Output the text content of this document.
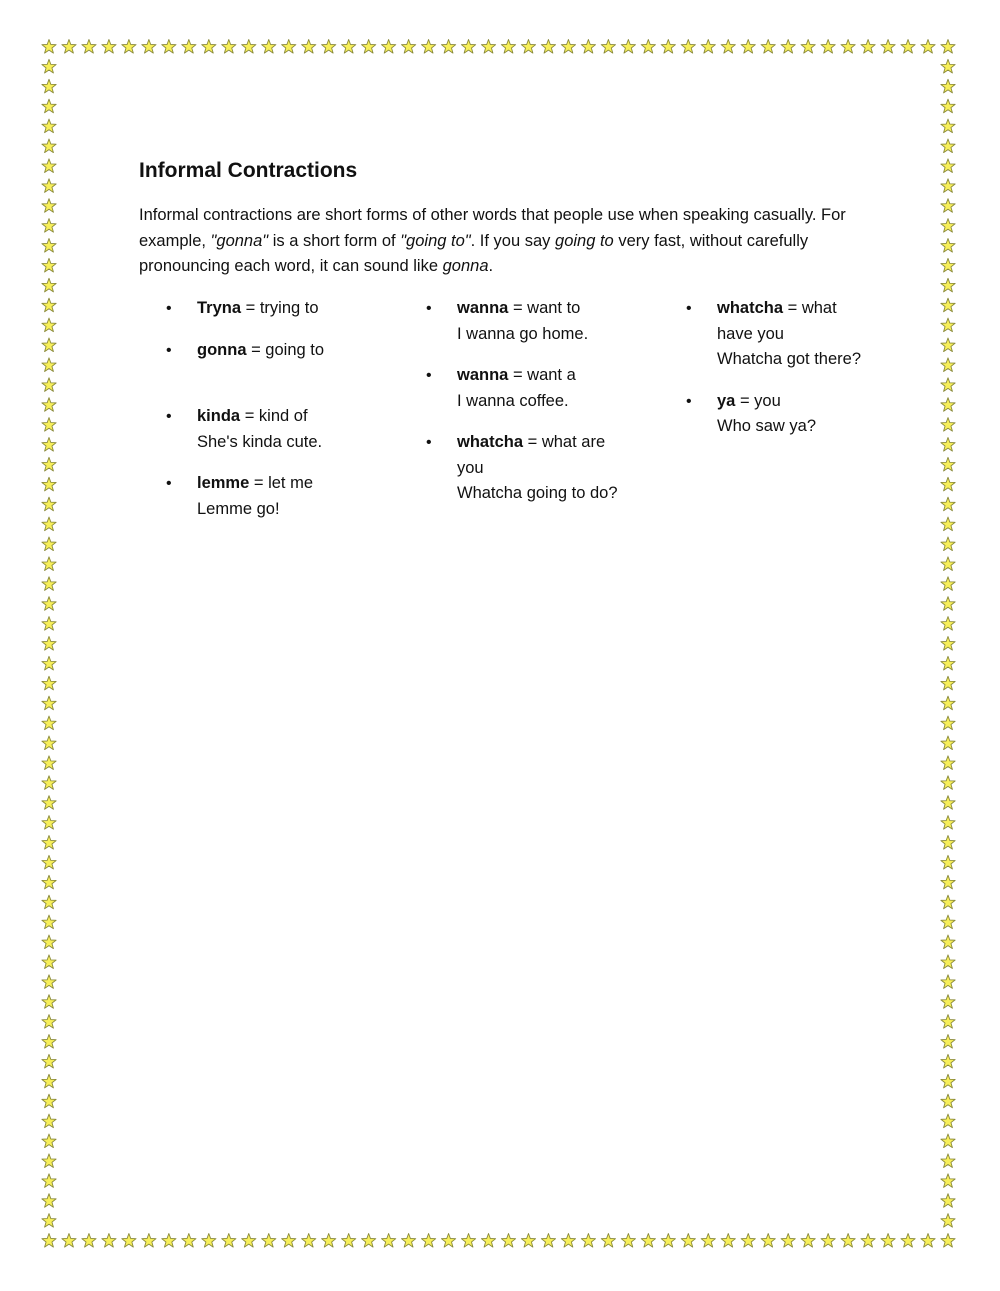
Informal Contractions

Informal contractions are short forms of other words that people use when speaking casually. For example, "gonna" is a short form of "going to". If you say going to very fast, without carefully pronouncing each word, it can sound like gonna.

• Tryna = trying to
• gonna = going to
• kinda = kind of
She's kinda cute.
• lemme = let me
Lemme go!
• wanna = want to
I wanna go home.
• wanna = want a
I wanna coffee.
• whatcha = what are you
Whatcha going to do?
• whatcha = what have you
Whatcha got there?
• ya = you
Who saw ya?
